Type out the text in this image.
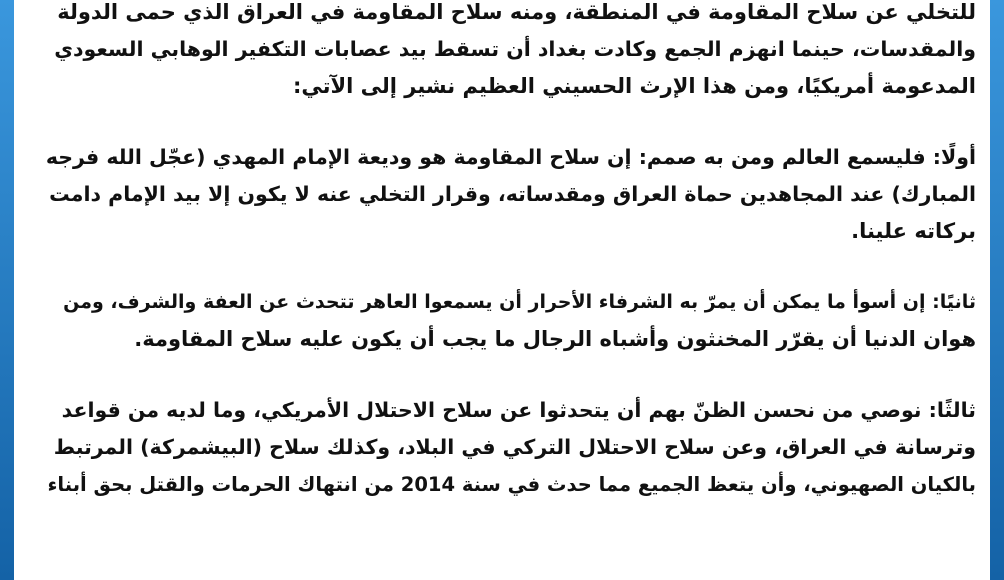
للتخلي عن سلاح المقاومة في المنطقة، ومنه سلاح المقاومة في العراق الذي حمى الدولة
والمقدسات، حينما انهزم الجمع وكادت بغداد أن تسقط بيد عصابات التكفير الوهابي السعودي
المدعومة أمريكيًا، ومن هذا الإرث الحسيني العظيم نشير إلى الآتي:

أولًا: فليسمع العالم ومن به صمم: إن سلاح المقاومة هو وديعة الإمام المهدي (عجّل الله فرجه
المبارك) عند المجاهدين حماة العراق ومقدساته، وقرار التخلي عنه لا يكون إلا بيد الإمام دامت
بركاته علينا.

ثانيًا: إن أسوأ ما يمكن أن يمرّ به الشرفاء الأحرار أن يسمعوا العاهر تتحدث عن العفة والشرف، ومن
هوان الدنيا أن يقرّر المخنثون وأشباه الرجال ما يجب أن يكون عليه سلاح المقاومة.

ثالثًا: نوصي من نحسن الظنّ بهم أن يتحدثوا عن سلاح الاحتلال الأمريكي، وما لديه من قواعد
وترسانة في العراق، وعن سلاح الاحتلال التركي في البلاد، وكذلك سلاح (البيشمركة) المرتبط
بالكيان الصهيوني، وأن يتعظ الجميع مما حدث في سنة 2014 من انتهاك الحرمات والقتل بحق أبناء
